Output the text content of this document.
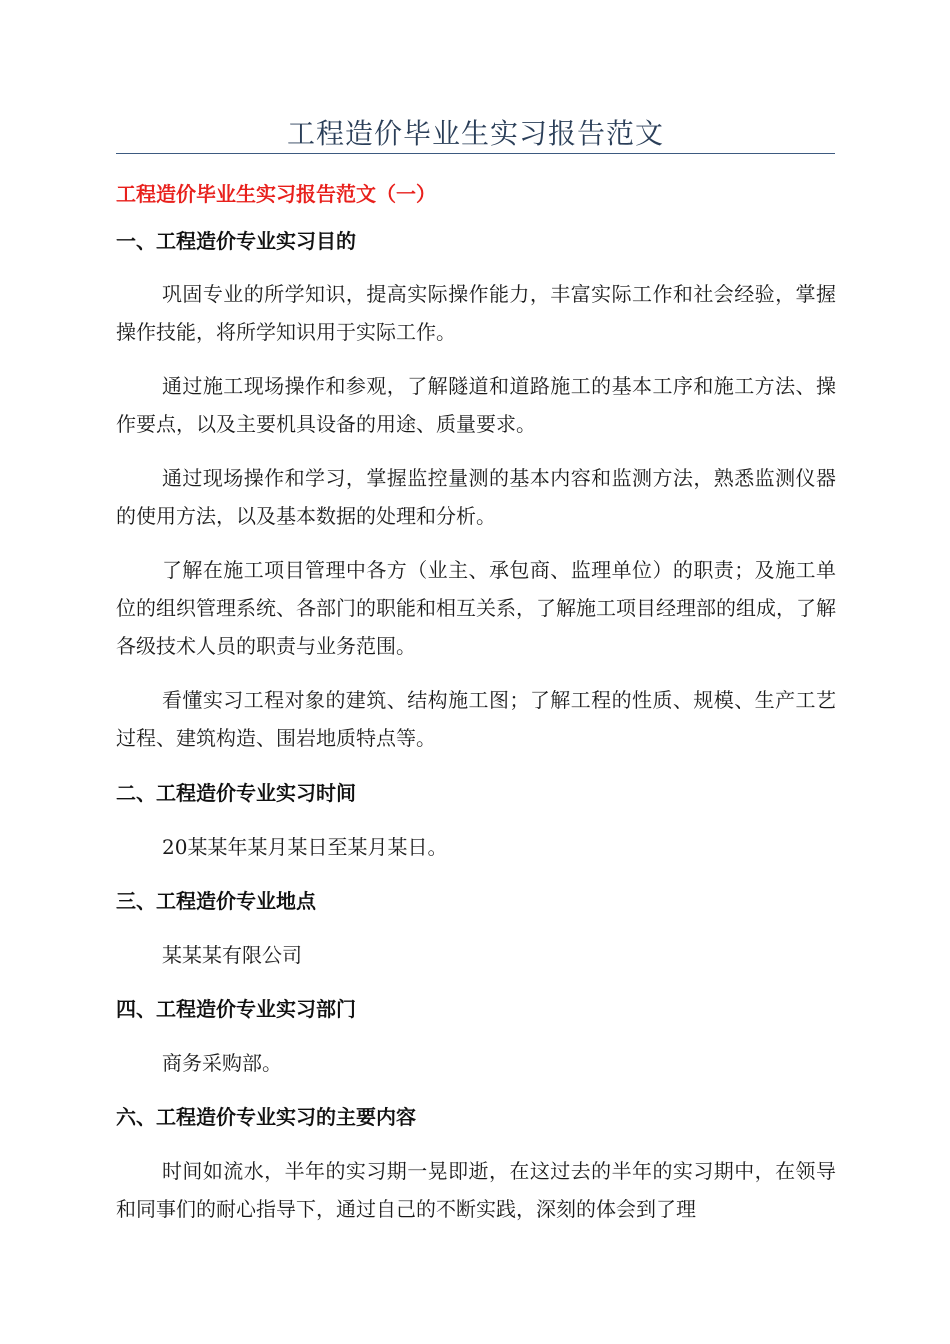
工程造价毕业生实习报告范文
工程造价毕业生实习报告范文（一）
一、工程造价专业实习目的
巩固专业的所学知识，提高实际操作能力，丰富实际工作和社会经验，掌握操作技能，将所学知识用于实际工作。
通过施工现场操作和参观，了解隧道和道路施工的基本工序和施工方法、操作要点，以及主要机具设备的用途、质量要求。
通过现场操作和学习，掌握监控量测的基本内容和监测方法，熟悉监测仪器的使用方法，以及基本数据的处理和分析。
了解在施工项目管理中各方（业主、承包商、监理单位）的职责；及施工单位的组织管理系统、各部门的职能和相互关系，了解施工项目经理部的组成，了解各级技术人员的职责与业务范围。
看懂实习工程对象的建筑、结构施工图；了解工程的性质、规模、生产工艺过程、建筑构造、围岩地质特点等。
二、工程造价专业实习时间
20某某年某月某日至某月某日。
三、工程造价专业地点
某某某有限公司
四、工程造价专业实习部门
商务采购部。
六、工程造价专业实习的主要内容
时间如流水，半年的实习期一晃即逝，在这过去的半年的实习期中，在领导和同事们的耐心指导下，通过自己的不断实践，深刻的体会到了理
